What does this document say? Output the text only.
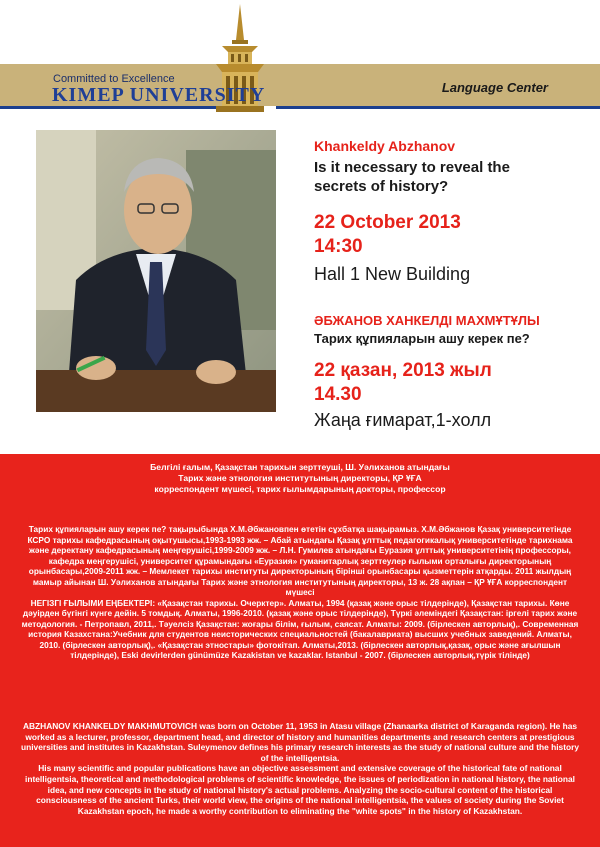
Committed to Excellence
KIMEP UNIVERSITY	Language Center

Khankeldy Abzhanov

Is it necessary to reveal the secrets of history?

22 October 2013

14:30

Hall 1 New Building

ӘБЖАНОВ ХАНКЕЛДІ МАХМҰТҰЛЫ

Тарих құпияларын ашу керек пе?

22 қазан, 2013 жыл

14.30

Жаңа ғимарат,1-холл

Белгілі ғалым, Қазақстан тарихын зерттеуші, Ш. Уәлиханов атындағы Тарих және этнология институтының директоры, ҚР ҰҒА корреспондент мүшесі, тарих ғылымдарының докторы, профессор

Тарих құпияларын ашу керек пе? тақырыбында Х.М.Әбжановпен өтетін сұхбатқа шақырамыз. Х.М.Әбжанов Қазақ университетінде КСРО тарихы кафедрасының оқытушысы,1993-1993 жж. – Абай атындағы Қазақ ұлттық педагогикалық университетінде тарихнама және деректану кафедрасының меңгерушісі,1999-2009 жж. – Л.Н. Гумилев атындағы Еуразия ұлттық университетінің профессоры, кафедра меңгерушісі, университет құрамындағы «Еуразия» гуманитарлық зерттеулер ғылыми орталығы директорының орынбасары,2009-2011 жж. – Мемлекет тарихы институты директорының бірінші орынбасары қызметтерін атқарды. 2011 жылдың мамыр айынан Ш. Уәлиханов атындағы Тарих және этнология институтының директоры, 13 ж. 28 ақпан – ҚР ҰҒА корреспондент мүшесі

НЕГІЗГІ ҒЫЛЫМИ ЕҢБЕКТЕРІ: «Қазақстан тарихы. Очерктер». Алматы, 1994 (қазақ және орыс тілдерінде), Қазақстан тарихы. Көне дәуірден бүгінгі күнге дейін. 5 томдық. Алматы, 1996-2010. (қазақ және орыс тілдерінде), Түркі әлеміндегі Қазақстан: іргелі тарих және методология. - Петропавл, 2011,. Тәуелсіз Қазақстан: жоғары білім, ғылым, саясат. Алматы: 2009. (бірлескен авторлық),. Современная история Казахстана:Учебник для студентов неисторических специальностей (бакалавриата) высших учебных заведений. Алматы, 2010. (бірлескен авторлық),. «Қазақстан этностары» фотокітап. Алматы,2013. (бірлескен авторлық,қазақ, орыс және ағылшын тілдерінде), Eski devirlerden günümüze Kazakistan ve kazaklar. Istanbul - 2007. (бірлескен авторлық,түрік тілінде)

ABZHANOV KHANKELDY MAKHMUTOVICH was born on October 11, 1953 in Atasu village (Zhanaarka district of Karaganda region). He has worked as a lecturer, professor, department head, and director of history and humanities departments and research centers at prestigious universities and institutes in Kazakhstan. Suleymenov defines his primary research interests as the study of national culture and the history of the intelligentsia.

His many scientific and popular publications have an objective assessment and extensive coverage of the historical fate of national intelligentsia, theoretical and methodological problems of scientific knowledge, the issues of periodization in national history, the national idea, and new concepts in the study of national history's actual problems. Analyzing the socio-cultural content of the historical consciousness of the ancient Turks, their world view, the origins of the national intelligentsia, the values of society during the Soviet Kazakhstan epoch, he made a worthy contribution to eliminating the "white spots" in the history of Kazakhstan.
